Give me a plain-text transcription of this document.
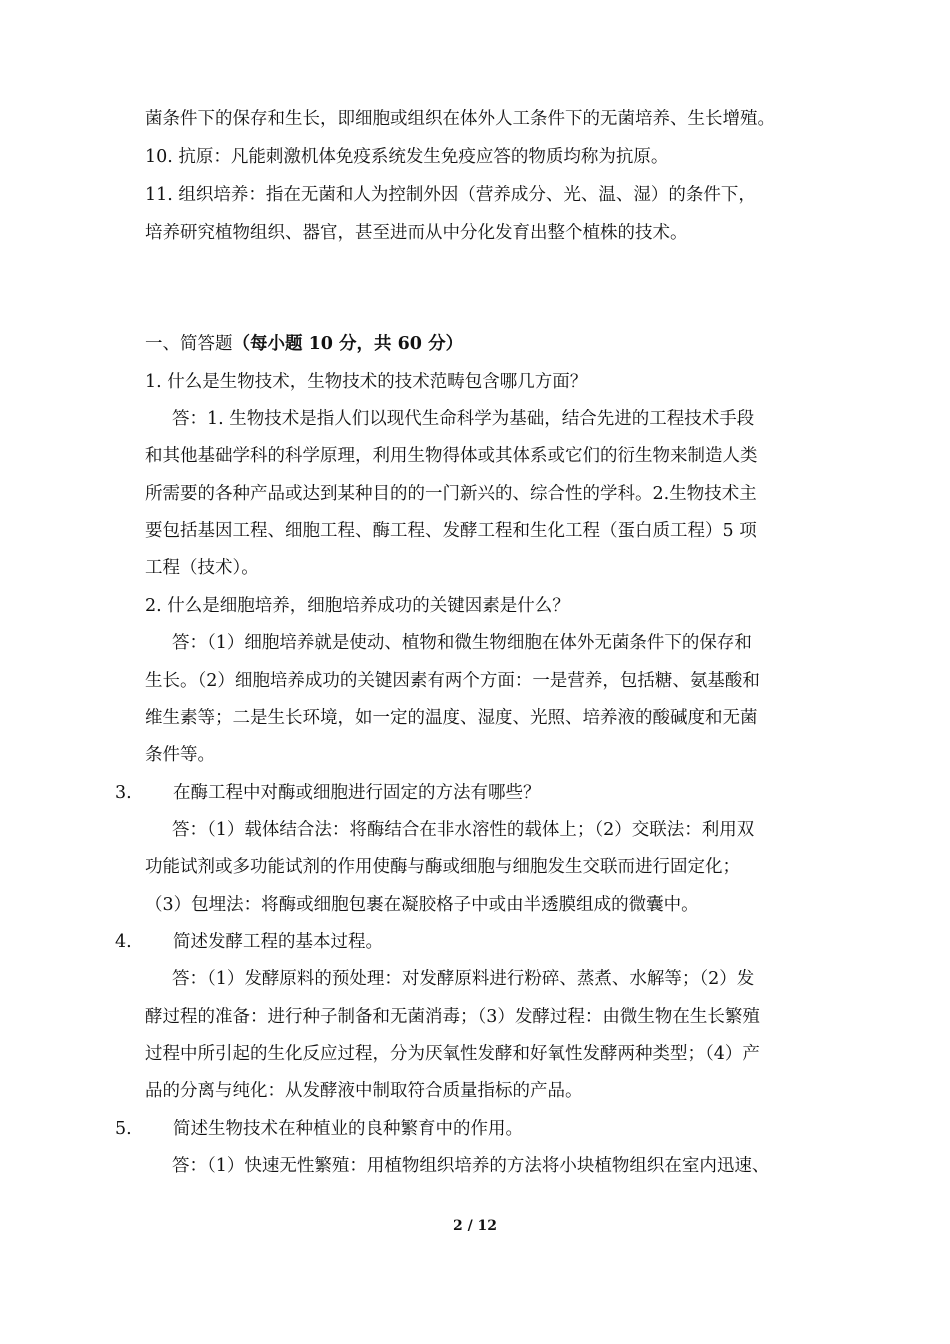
菌条件下的保存和生长，即细胞或组织在体外人工条件下的无菌培养、生长增殖。
10. 抗原：凡能刺激机体免疫系统发生免疫应答的物质均称为抗原。
11. 组织培养：指在无菌和人为控制外因（营养成分、光、温、湿）的条件下，
培养研究植物组织、器官，甚至进而从中分化发育出整个植株的技术。
一、简答题（每小题 10 分，共 60 分）
1. 什么是生物技术，生物技术的技术范畴包含哪几方面？
答：1. 生物技术是指人们以现代生命科学为基础，结合先进的工程技术手段
和其他基础学科的科学原理，利用生物得体或其体系或它们的衍生物来制造人类
所需要的各种产品或达到某种目的的一门新兴的、综合性的学科。2.生物技术主
要包括基因工程、细胞工程、酶工程、发酵工程和生化工程（蛋白质工程）5 项
工程（技术）。
2. 什么是细胞培养，细胞培养成功的关键因素是什么？
答：（1）细胞培养就是使动、植物和微生物细胞在体外无菌条件下的保存和
生长。（2）细胞培养成功的关键因素有两个方面：一是营养，包括糖、氨基酸和
维生素等；二是生长环境，如一定的温度、湿度、光照、培养液的酸碱度和无菌
条件等。
3. 在酶工程中对酶或细胞进行固定的方法有哪些？
答：（1）载体结合法：将酶结合在非水溶性的载体上；（2）交联法：利用双
功能试剂或多功能试剂的作用使酶与酶或细胞与细胞发生交联而进行固定化；
（3）包埋法：将酶或细胞包裹在凝胶格子中或由半透膜组成的微囊中。
4. 简述发酵工程的基本过程。
答：（1）发酵原料的预处理：对发酵原料进行粉碎、蒸煮、水解等；（2）发
酵过程的准备：进行种子制备和无菌消毒；（3）发酵过程：由微生物在生长繁殖
过程中所引起的生化反应过程，分为厌氧性发酵和好氧性发酵两种类型；（4）产
品的分离与纯化：从发酵液中制取符合质量指标的产品。
5. 简述生物技术在种植业的良种繁育中的作用。
答：（1）快速无性繁殖：用植物组织培养的方法将小块植物组织在室内迅速、
2 / 12
